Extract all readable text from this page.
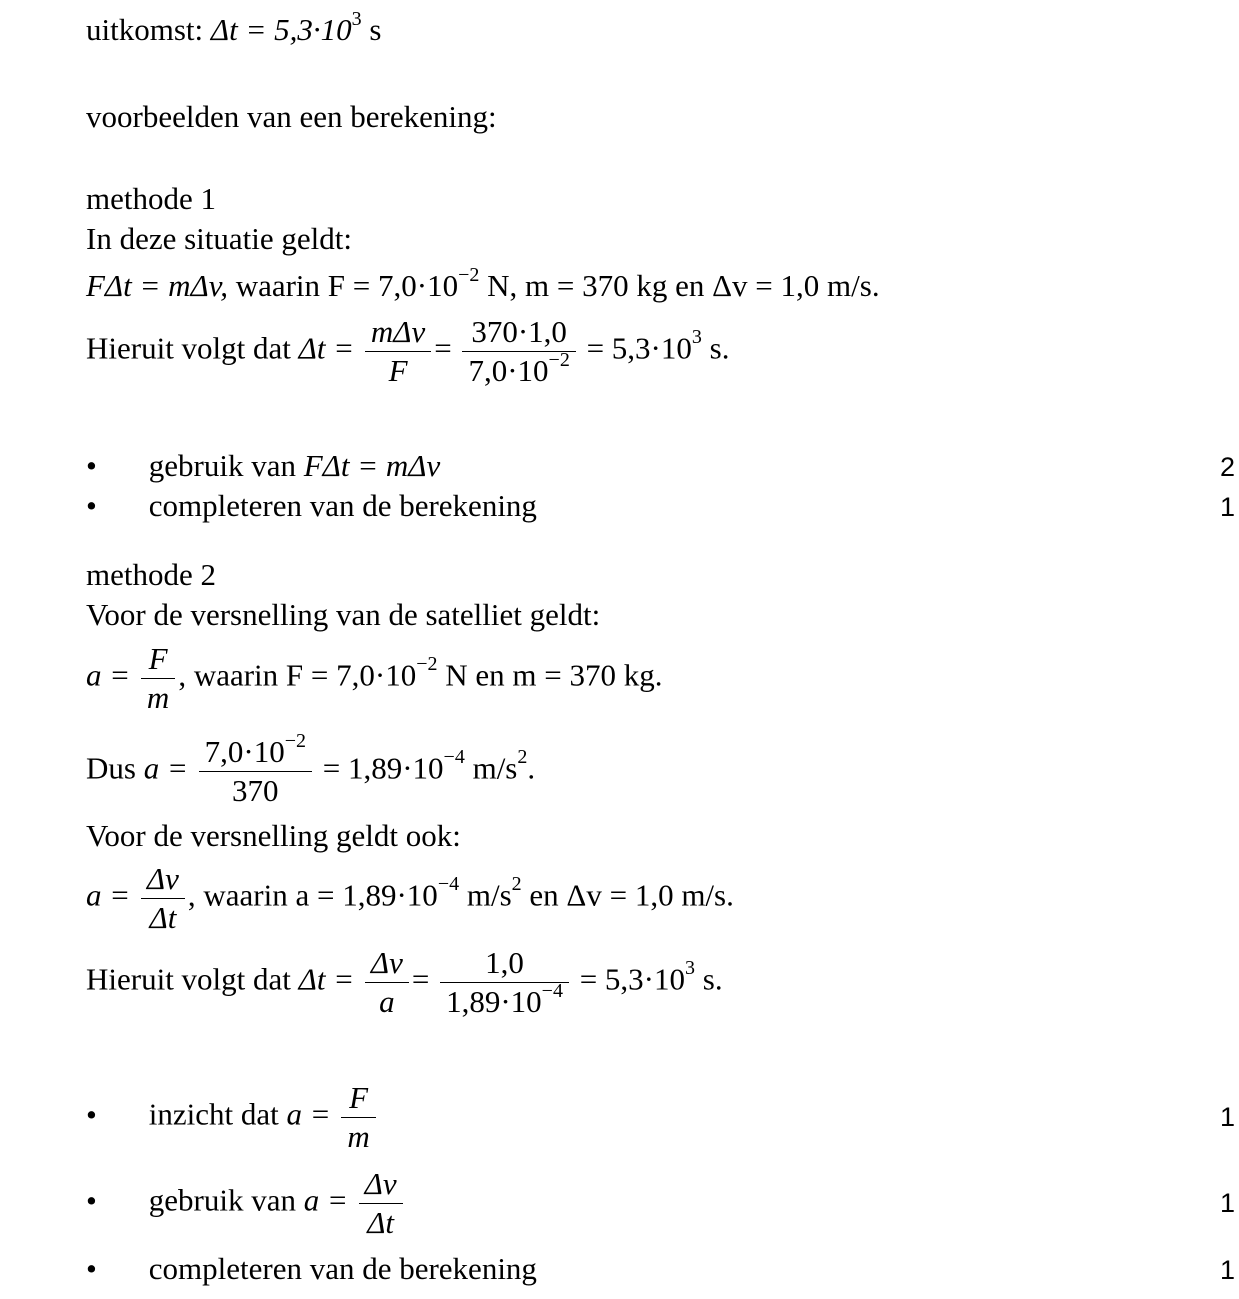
uitkomst: $\Delta t = 5,3\cdot 10^3$ s
voorbeelden van een berekening:
methode 1
In deze situatie geldt:
FΔt = mΔv, waarin $F = 7,0\cdot 10^{-2}$ N, m = 370 kg en Δv = 1,0 m/s.
Hieruit volgt dat $\Delta t = \frac{\text{mΔv}}{F} = \frac{370\cdot 1,0}{7,0\cdot 10^{-2}} = 5,3\cdot 10^3$ s.
• gebruik van FΔt = mΔv	2
• completeren van de berekening	1
methode 2
Voor de versnelling van de satelliet geldt:
$a = \frac{F}{m}$ , waarin $F = 7,0\cdot 10^{-2}$ N en m = 370 kg.
Dus $a = \frac{7,0\cdot 10^{-2}}{370} = 1,89\cdot 10^{-4}$ $m/s^2$.
Voor de versnelling geldt ook:
$a = \frac{\Delta v}{\Delta t}$ , waarin $a = 1,89\cdot 10^{-4}$ $m/s^2$ en Δv = 1,0 m/s.
Hieruit volgt dat $\Delta t = \frac{\Delta v}{a} = \frac{1,0}{1,89\cdot 10^{-4}} = 5,3\cdot 10^3$ s.
• inzicht dat $a = \frac{F}{m}$	1
• gebruik van $a = \frac{\Delta v}{\Delta t}$	1
• completeren van de berekening	1
